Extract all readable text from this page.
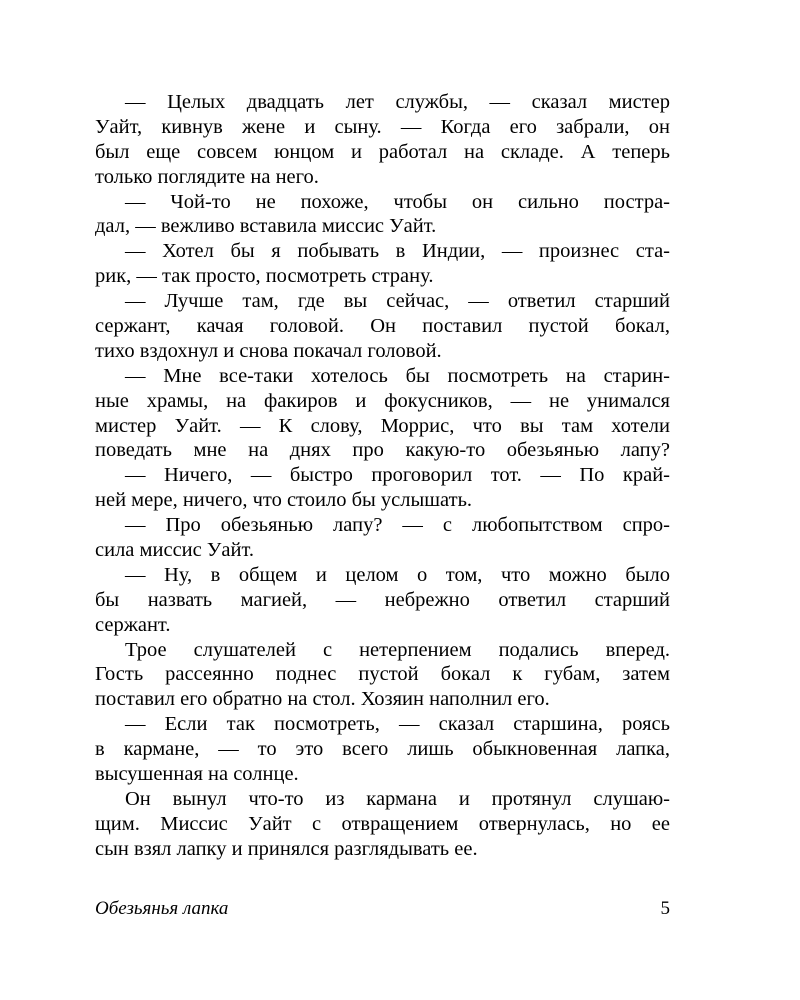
— Целых двадцать лет службы, — сказал мистер
Уайт, кивнув жене и сыну. — Когда его забрали, он
был еще совсем юнцом и работал на складе. А теперь
только поглядите на него.
— Чой-то не похоже, чтобы он сильно постра-
дал, — вежливо вставила миссис Уайт.
— Хотел бы я побывать в Индии, — произнес ста-
рик, — так просто, посмотреть страну.
— Лучше там, где вы сейчас, — ответил старший
сержант, качая головой. Он поставил пустой бокал,
тихо вздохнул и снова покачал головой.
— Мне все-таки хотелось бы посмотреть на старин-
ные храмы, на факиров и фокусников, — не унимался
мистер Уайт. — К слову, Моррис, что вы там хотели
поведать мне на днях про какую-то обезьянью лапу?
— Ничего, — быстро проговорил тот. — По край-
ней мере, ничего, что стоило бы услышать.
— Про обезьянью лапу? — с любопытством спро-
сила миссис Уайт.
— Ну, в общем и целом о том, что можно было
бы назвать магией, — небрежно ответил старший
сержант.
Трое слушателей с нетерпением подались вперед.
Гость рассеянно поднес пустой бокал к губам, затем
поставил его обратно на стол. Хозяин наполнил его.
— Если так посмотреть, — сказал старшина, роясь
в кармане, — то это всего лишь обыкновенная лапка,
высушенная на солнце.
Он вынул что-то из кармана и протянул слушаю-
щим. Миссис Уайт с отвращением отвернулась, но ее
сын взял лапку и принялся разглядывать ее.
Обезьянья лапка	5
